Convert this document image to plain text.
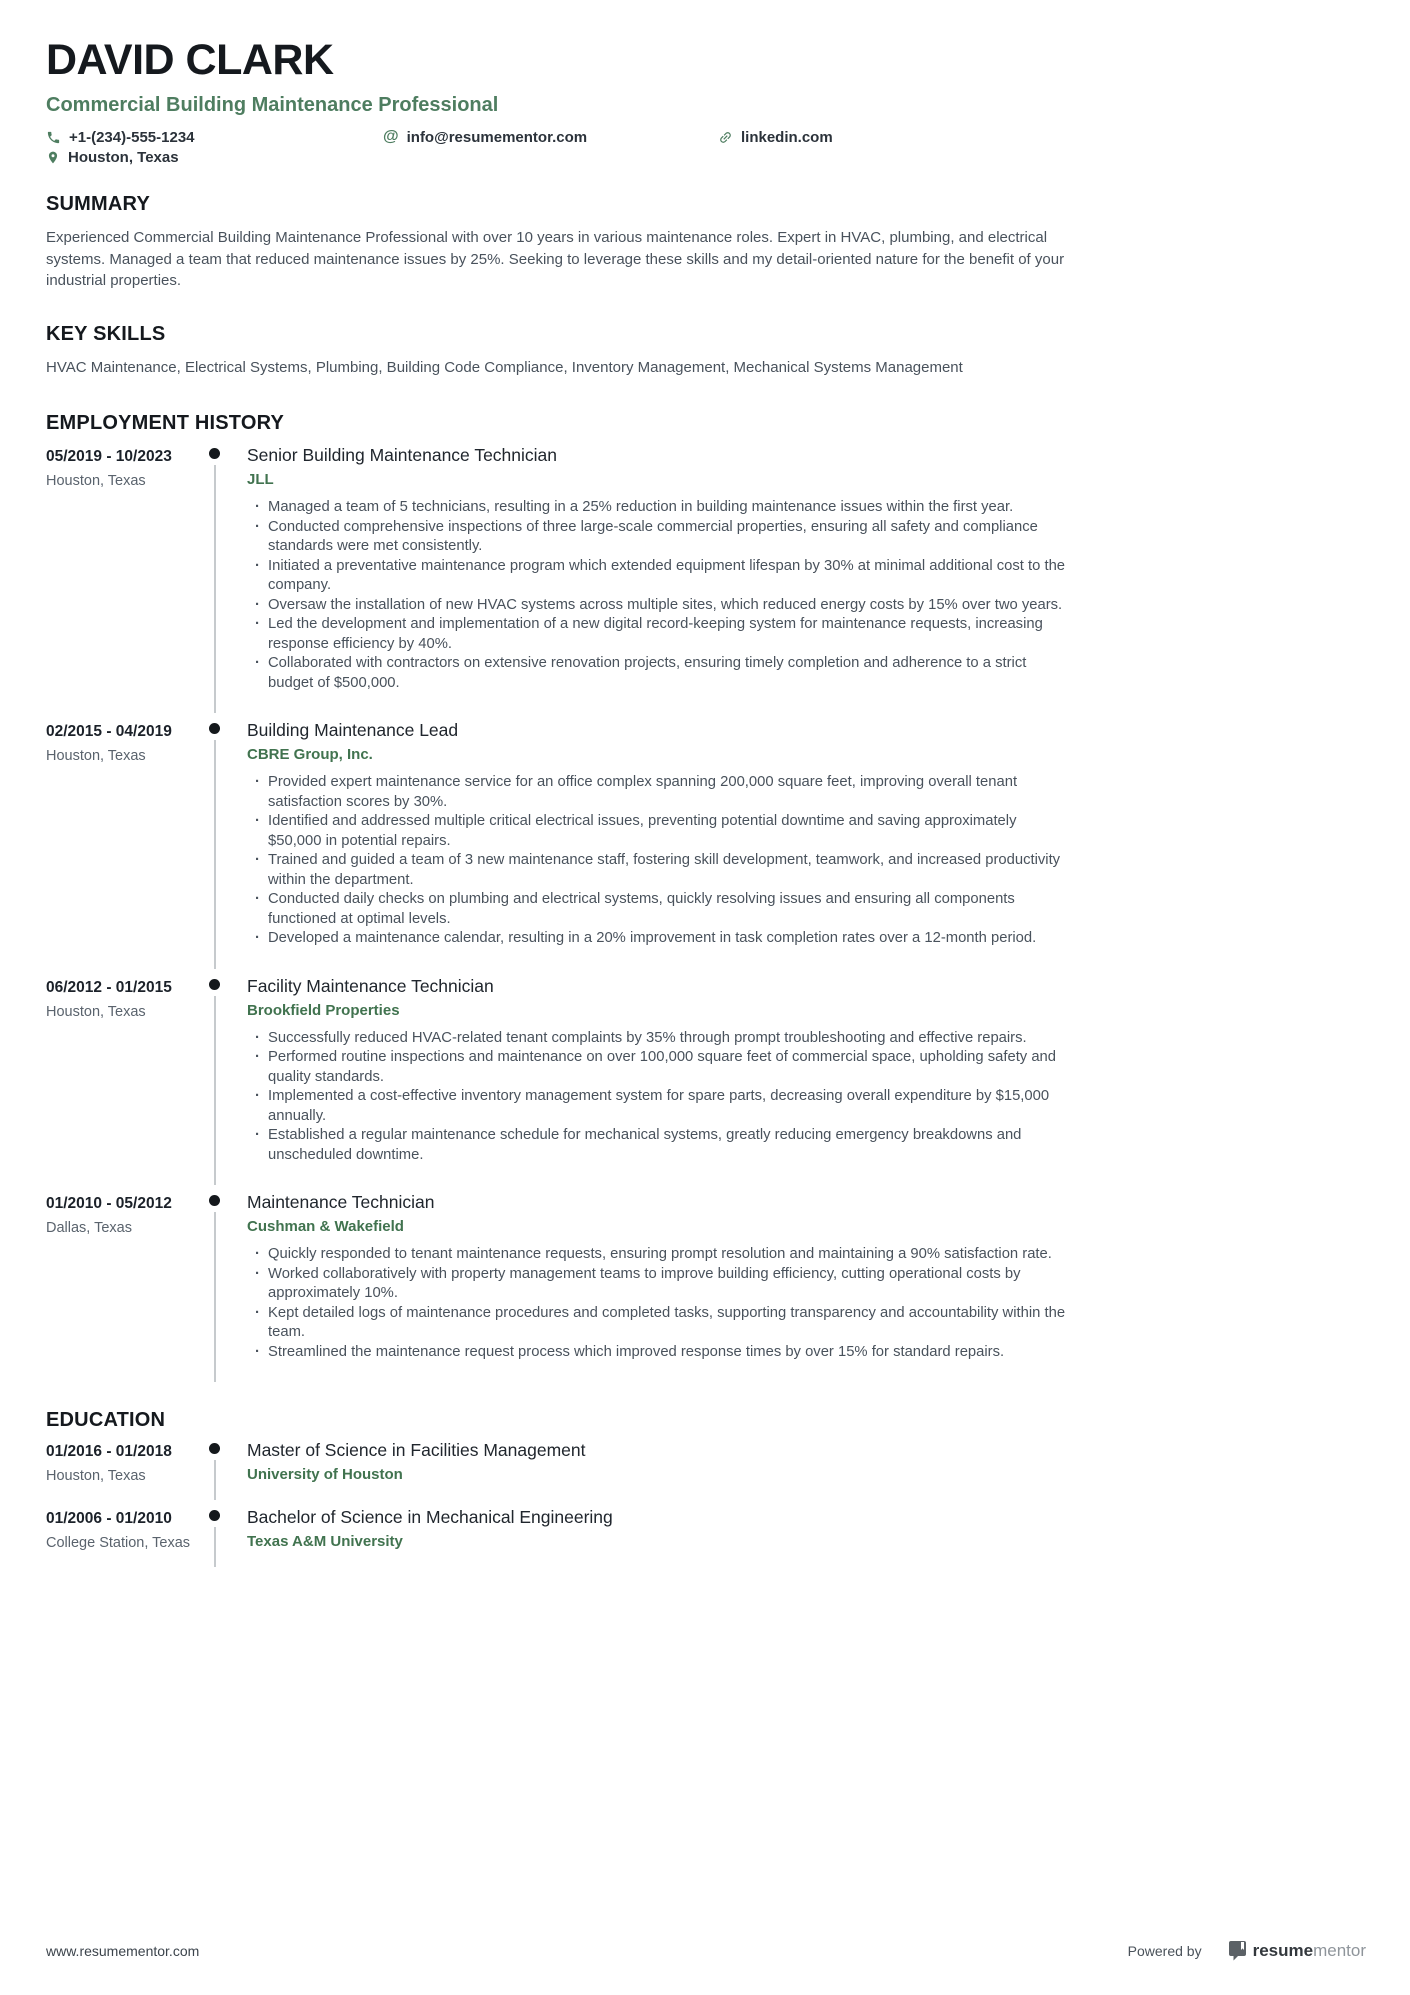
DAVID CLARK
Commercial Building Maintenance Professional
+1-(234)-555-1234	@ info@resumementor.com	linkedin.com
Houston, Texas
SUMMARY
Experienced Commercial Building Maintenance Professional with over 10 years in various maintenance roles. Expert in HVAC, plumbing, and electrical systems. Managed a team that reduced maintenance issues by 25%. Seeking to leverage these skills and my detail-oriented nature for the benefit of your industrial properties.
KEY SKILLS
HVAC Maintenance, Electrical Systems, Plumbing, Building Code Compliance, Inventory Management, Mechanical Systems Management
EMPLOYMENT HISTORY
05/2019 - 10/2023
Houston, Texas
Senior Building Maintenance Technician
JLL
· Managed a team of 5 technicians, resulting in a 25% reduction in building maintenance issues within the first year.
· Conducted comprehensive inspections of three large-scale commercial properties, ensuring all safety and compliance standards were met consistently.
· Initiated a preventative maintenance program which extended equipment lifespan by 30% at minimal additional cost to the company.
· Oversaw the installation of new HVAC systems across multiple sites, which reduced energy costs by 15% over two years.
· Led the development and implementation of a new digital record-keeping system for maintenance requests, increasing response efficiency by 40%.
· Collaborated with contractors on extensive renovation projects, ensuring timely completion and adherence to a strict budget of $500,000.
02/2015 - 04/2019
Houston, Texas
Building Maintenance Lead
CBRE Group, Inc.
· Provided expert maintenance service for an office complex spanning 200,000 square feet, improving overall tenant satisfaction scores by 30%.
· Identified and addressed multiple critical electrical issues, preventing potential downtime and saving approximately $50,000 in potential repairs.
· Trained and guided a team of 3 new maintenance staff, fostering skill development, teamwork, and increased productivity within the department.
· Conducted daily checks on plumbing and electrical systems, quickly resolving issues and ensuring all components functioned at optimal levels.
· Developed a maintenance calendar, resulting in a 20% improvement in task completion rates over a 12-month period.
06/2012 - 01/2015
Houston, Texas
Facility Maintenance Technician
Brookfield Properties
· Successfully reduced HVAC-related tenant complaints by 35% through prompt troubleshooting and effective repairs.
· Performed routine inspections and maintenance on over 100,000 square feet of commercial space, upholding safety and quality standards.
· Implemented a cost-effective inventory management system for spare parts, decreasing overall expenditure by $15,000 annually.
· Established a regular maintenance schedule for mechanical systems, greatly reducing emergency breakdowns and unscheduled downtime.
01/2010 - 05/2012
Dallas, Texas
Maintenance Technician
Cushman & Wakefield
· Quickly responded to tenant maintenance requests, ensuring prompt resolution and maintaining a 90% satisfaction rate.
· Worked collaboratively with property management teams to improve building efficiency, cutting operational costs by approximately 10%.
· Kept detailed logs of maintenance procedures and completed tasks, supporting transparency and accountability within the team.
· Streamlined the maintenance request process which improved response times by over 15% for standard repairs.
EDUCATION
01/2016 - 01/2018
Houston, Texas
Master of Science in Facilities Management
University of Houston
01/2006 - 01/2010
College Station, Texas
Bachelor of Science in Mechanical Engineering
Texas A&M University
www.resumementor.com	Powered by	resumementor
